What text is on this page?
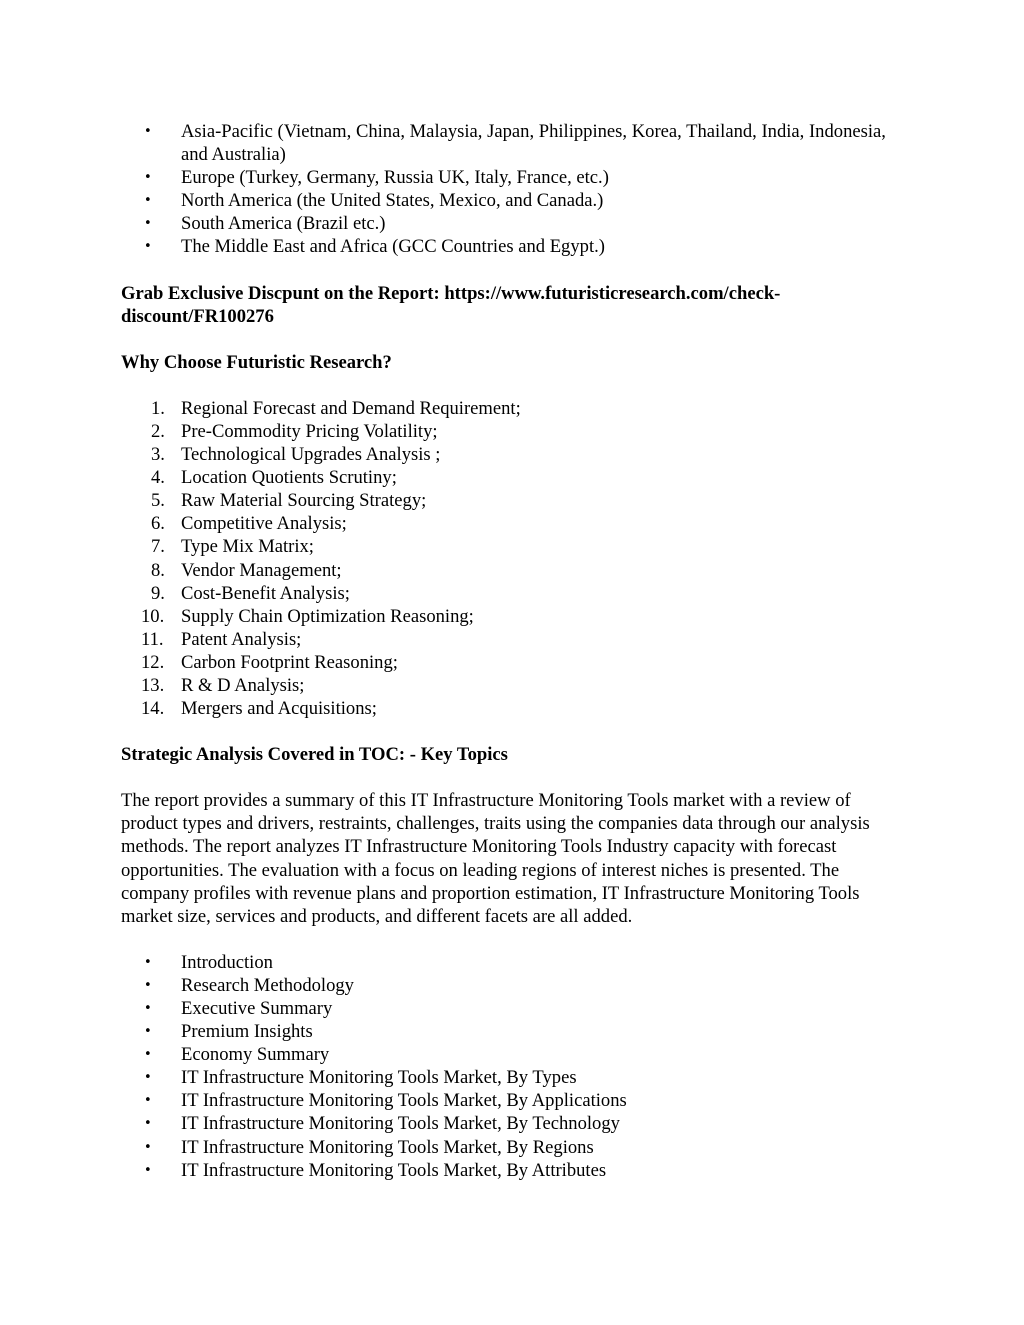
• Asia-Pacific (Vietnam, China, Malaysia, Japan, Philippines, Korea, Thailand, India, Indonesia, and Australia)
• Europe (Turkey, Germany, Russia UK, Italy, France, etc.)
• North America (the United States, Mexico, and Canada.)
• South America (Brazil etc.)
• The Middle East and Africa (GCC Countries and Egypt.)

Grab Exclusive Discpunt on the Report: https://www.futuristicresearch.com/check-discount/FR100276

Why Choose Futuristic Research?

1. Regional Forecast and Demand Requirement;
2. Pre-Commodity Pricing Volatility;
3. Technological Upgrades Analysis ;
4. Location Quotients Scrutiny;
5. Raw Material Sourcing Strategy;
6. Competitive Analysis;
7. Type Mix Matrix;
8. Vendor Management;
9. Cost-Benefit Analysis;
10. Supply Chain Optimization Reasoning;
11. Patent Analysis;
12. Carbon Footprint Reasoning;
13. R & D Analysis;
14. Mergers and Acquisitions;

Strategic Analysis Covered in TOC: - Key Topics

The report provides a summary of this IT Infrastructure Monitoring Tools market with a review of product types and drivers, restraints, challenges, traits using the companies data through our analysis methods. The report analyzes IT Infrastructure Monitoring Tools Industry capacity with forecast opportunities. The evaluation with a focus on leading regions of interest niches is presented. The company profiles with revenue plans and proportion estimation, IT Infrastructure Monitoring Tools market size, services and products, and different facets are all added.

• Introduction
• Research Methodology
• Executive Summary
• Premium Insights
• Economy Summary
• IT Infrastructure Monitoring Tools Market, By Types
• IT Infrastructure Monitoring Tools Market, By Applications
• IT Infrastructure Monitoring Tools Market, By Technology
• IT Infrastructure Monitoring Tools Market, By Regions
• IT Infrastructure Monitoring Tools Market, By Attributes
